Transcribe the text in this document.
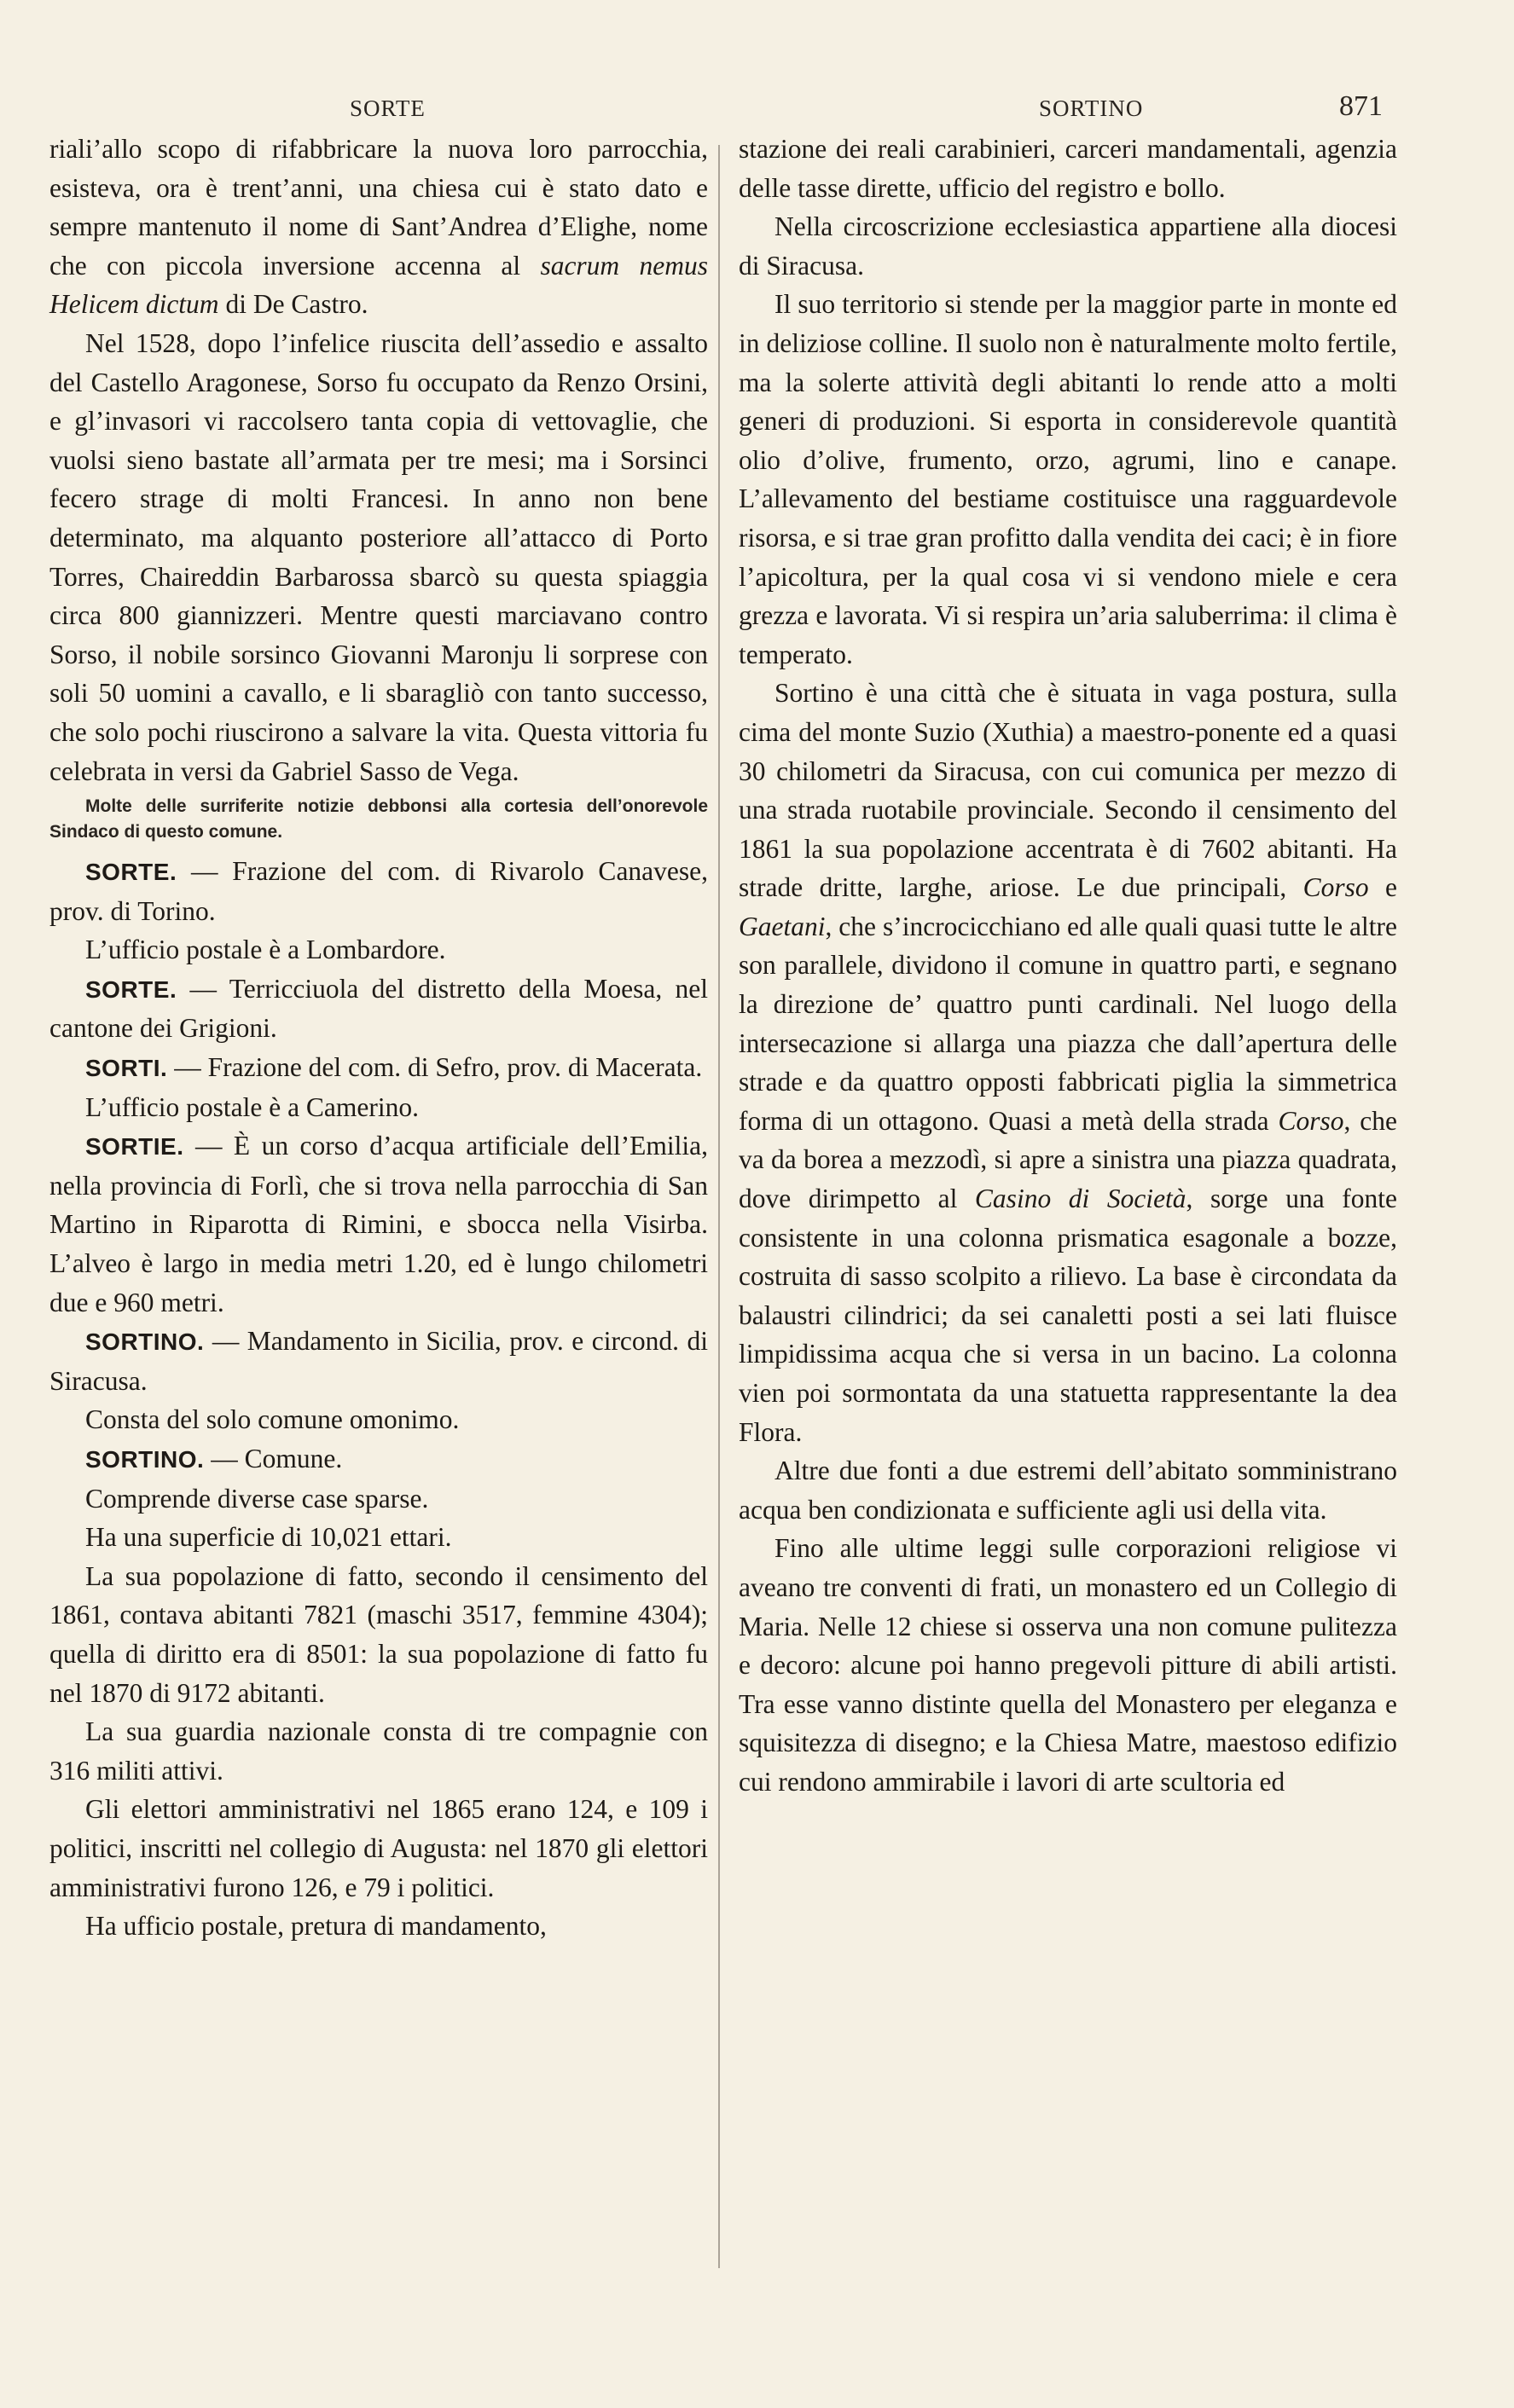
SORTE	SORTINO	871

riali’allo scopo di rifabbricare la nuova loro parrocchia, esisteva, ora è trent’anni, una chiesa cui è stato dato e sempre mantenuto il nome di Sant’Andrea d’Elighe, nome che con piccola inversione accenna al sacrum nemus Helicem dictum di De Castro.

Nel 1528, dopo l’infelice riuscita dell’assedio e assalto del Castello Aragonese, Sorso fu occupato da Renzo Orsini, e gl’invasori vi raccolsero tanta copia di vettovaglie, che vuolsi sieno bastate all’armata per tre mesi; ma i Sorsinci fecero strage di molti Francesi. In anno non bene determinato, ma alquanto posteriore all’attacco di Porto Torres, Chaireddin Barbarossa sbarcò su questa spiaggia circa 800 giannizzeri. Mentre questi marciavano contro Sorso, il nobile sorsinco Giovanni Maronju li sorprese con soli 50 uomini a cavallo, e li sbaragliò con tanto successo, che solo pochi riuscirono a salvare la vita. Questa vittoria fu celebrata in versi da Gabriel Sasso de Vega.

Molte delle surriferite notizie debbonsi alla cortesia dell’onorevole Sindaco di questo comune.

SORTE. — Frazione del com. di Rivarolo Canavese, prov. di Torino.

L’ufficio postale è a Lombardore.

SORTE. — Terricciuola del distretto della Moesa, nel cantone dei Grigioni.

SORTI. — Frazione del com. di Sefro, prov. di Macerata.

L’ufficio postale è a Camerino.

SORTIE. — È un corso d’acqua artificiale dell’Emilia, nella provincia di Forlì, che si trova nella parrocchia di San Martino in Riparotta di Rimini, e sbocca nella Visirba. L’alveo è largo in media metri 1.20, ed è lungo chilometri due e 960 metri.

SORTINO. — Mandamento in Sicilia, prov. e circond. di Siracusa.

Consta del solo comune omonimo.

SORTINO. — Comune.

Comprende diverse case sparse.

Ha una superficie di 10,021 ettari.

La sua popolazione di fatto, secondo il censimento del 1861, contava abitanti 7821 (maschi 3517, femmine 4304); quella di diritto era di 8501: la sua popolazione di fatto fu nel 1870 di 9172 abitanti.

La sua guardia nazionale consta di tre compagnie con 316 militi attivi.

Gli elettori amministrativi nel 1865 erano 124, e 109 i politici, inscritti nel collegio di Augusta: nel 1870 gli elettori amministrativi furono 126, e 79 i politici.

Ha ufficio postale, pretura di mandamento,

stazione dei reali carabinieri, carceri mandamentali, agenzia delle tasse dirette, ufficio del registro e bollo.

Nella circoscrizione ecclesiastica appartiene alla diocesi di Siracusa.

Il suo territorio si stende per la maggior parte in monte ed in deliziose colline. Il suolo non è naturalmente molto fertile, ma la solerte attività degli abitanti lo rende atto a molti generi di produzioni. Si esporta in considerevole quantità olio d’olive, frumento, orzo, agrumi, lino e canape. L’allevamento del bestiame costituisce una ragguardevole risorsa, e si trae gran profitto dalla vendita dei caci; è in fiore l’apicoltura, per la qual cosa vi si vendono miele e cera grezza e lavorata. Vi si respira un’aria saluberrima: il clima è temperato.

Sortino è una città che è situata in vaga postura, sulla cima del monte Suzio (Xuthia) a maestro-ponente ed a quasi 30 chilometri da Siracusa, con cui comunica per mezzo di una strada ruotabile provinciale. Secondo il censimento del 1861 la sua popolazione accentrata è di 7602 abitanti. Ha strade dritte, larghe, ariose. Le due principali, Corso e Gaetani, che s’incrocicchiano ed alle quali quasi tutte le altre son parallele, dividono il comune in quattro parti, e segnano la direzione de’ quattro punti cardinali. Nel luogo della intersecazione si allarga una piazza che dall’apertura delle strade e da quattro opposti fabbricati piglia la simmetrica forma di un ottagono. Quasi a metà della strada Corso, che va da borea a mezzodì, si apre a sinistra una piazza quadrata, dove dirimpetto al Casino di Società, sorge una fonte consistente in una colonna prismatica esagonale a bozze, costruita di sasso scolpito a rilievo. La base è circondata da balaustri cilindrici; da sei canaletti posti a sei lati fluisce limpidissima acqua che si versa in un bacino. La colonna vien poi sormontata da una statuetta rappresentante la dea Flora.

Altre due fonti a due estremi dell’abitato somministrano acqua ben condizionata e sufficiente agli usi della vita.

Fino alle ultime leggi sulle corporazioni religiose vi aveano tre conventi di frati, un monastero ed un Collegio di Maria. Nelle 12 chiese si osserva una non comune pulitezza e decoro: alcune poi hanno pregevoli pitture di abili artisti. Tra esse vanno distinte quella del Monastero per eleganza e squisitezza di disegno; e la Chiesa Matre, maestoso edifizio cui rendono ammirabile i lavori di arte scultoria ed
